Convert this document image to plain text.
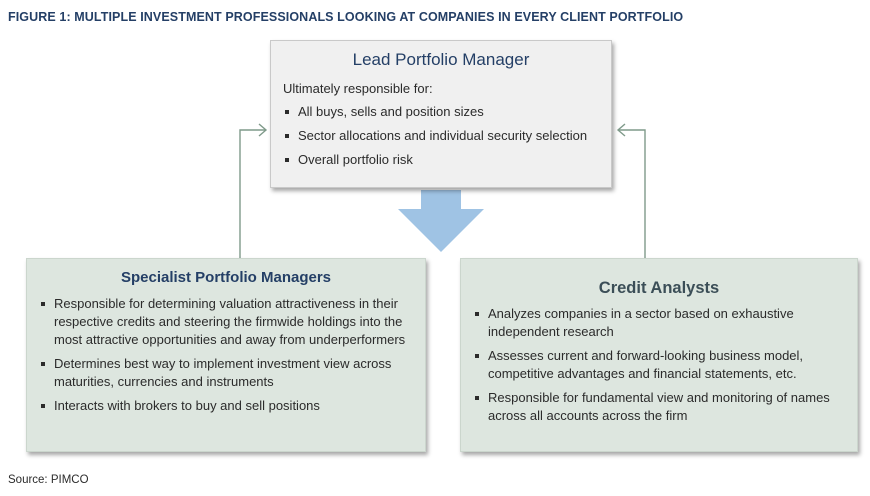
FIGURE 1: MULTIPLE INVESTMENT PROFESSIONALS LOOKING AT COMPANIES IN EVERY CLIENT PORTFOLIO
Lead Portfolio Manager
Ultimately responsible for:
All buys, sells and position sizes
Sector allocations and individual security selection
Overall portfolio risk
Specialist Portfolio Managers
Responsible for determining valuation attractiveness in their respective credits and steering the firmwide holdings into the most attractive opportunities and away from underperformers
Determines best way to implement investment view across maturities, currencies and instruments
Interacts with brokers to buy and sell positions
Credit Analysts
Analyzes companies in a sector based on exhaustive independent research
Assesses current and forward-looking business model, competitive advantages and financial statements, etc.
Responsible for fundamental view and monitoring of names across all accounts across the firm
Source: PIMCO
